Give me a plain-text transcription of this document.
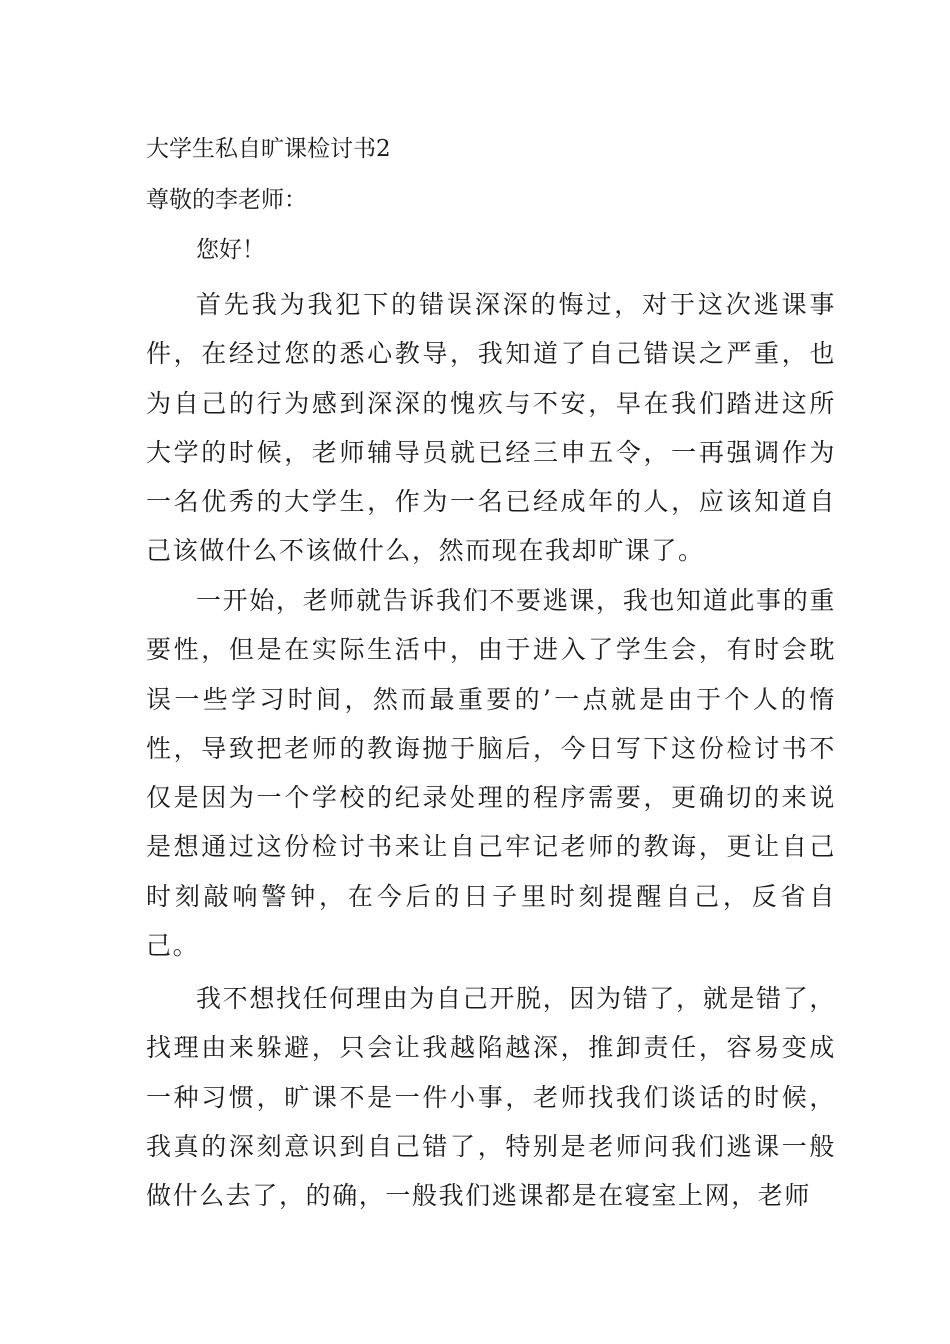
大学生私自旷课检讨书2
尊敬的李老师：
您好！
首先我为我犯下的错误深深的悔过，对于这次逃课事件，在经过您的悉心教导，我知道了自己错误之严重，也为自己的行为感到深深的愧疚与不安，早在我们踏进这所大学的时候，老师辅导员就已经三申五令，一再强调作为一名优秀的大学生，作为一名已经成年的人，应该知道自己该做什么不该做什么，然而现在我却旷课了。
一开始，老师就告诉我们不要逃课，我也知道此事的重要性，但是在实际生活中，由于进入了学生会，有时会耽误一些学习时间，然而最重要的’一点就是由于个人的惰性，导致把老师的教诲抛于脑后，今日写下这份检讨书不仅是因为一个学校的纪录处理的程序需要，更确切的来说是想通过这份检讨书来让自己牢记老师的教诲，更让自己时刻敲响警钟，在今后的日子里时刻提醒自己，反省自己。
我不想找任何理由为自己开脱，因为错了，就是错了，找理由来躲避，只会让我越陷越深，推卸责任，容易变成一种习惯，旷课不是一件小事，老师找我们谈话的时候，我真的深刻意识到自己错了，特别是老师问我们逃课一般做什么去了，的确，一般我们逃课都是在寝室上网，老师
